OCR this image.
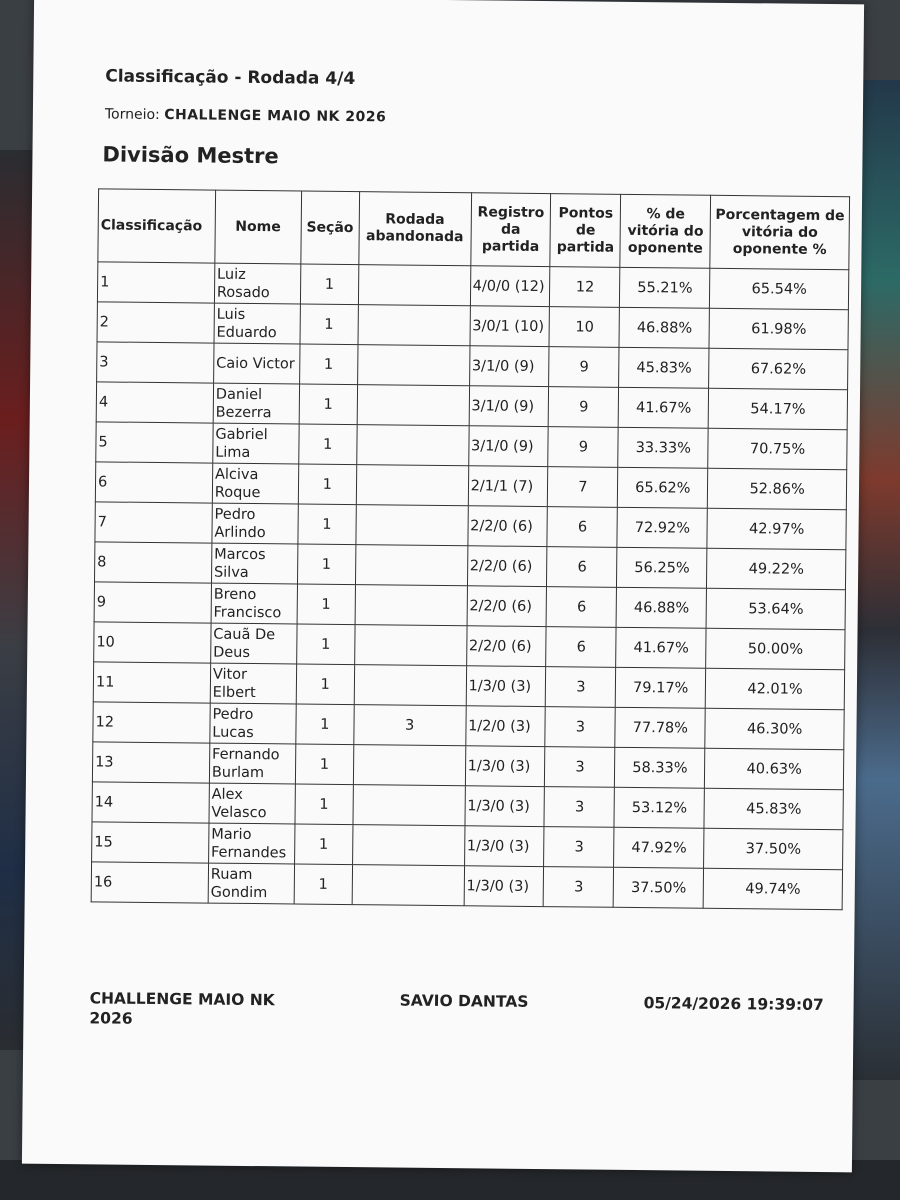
Classificação - Rodada 4/4
Torneio: CHALLENGE MAIO NK 2026
Divisão Mestre
Classificação	Nome	Seção	Rodada abandonada	Registro da partida	Pontos de partida	% de vitória do oponente	Porcentagem de vitória do oponente %
1	Luiz Rosado	1		4/0/0 (12)	12	55.21%	65.54%
2	Luis Eduardo	1		3/0/1 (10)	10	46.88%	61.98%
3	Caio Victor	1		3/1/0 (9)	9	45.83%	67.62%
4	Daniel Bezerra	1		3/1/0 (9)	9	41.67%	54.17%
5	Gabriel Lima	1		3/1/0 (9)	9	33.33%	70.75%
6	Alciva Roque	1		2/1/1 (7)	7	65.62%	52.86%
7	Pedro Arlindo	1		2/2/0 (6)	6	72.92%	42.97%
8	Marcos Silva	1		2/2/0 (6)	6	56.25%	49.22%
9	Breno Francisco	1		2/2/0 (6)	6	46.88%	53.64%
10	Cauã De Deus	1		2/2/0 (6)	6	41.67%	50.00%
11	Vitor Elbert	1		1/3/0 (3)	3	79.17%	42.01%
12	Pedro Lucas	1	3	1/2/0 (3)	3	77.78%	46.30%
13	Fernando Burlam	1		1/3/0 (3)	3	58.33%	40.63%
14	Alex Velasco	1		1/3/0 (3)	3	53.12%	45.83%
15	Mario Fernandes	1		1/3/0 (3)	3	47.92%	37.50%
16	Ruam Gondim	1		1/3/0 (3)	3	37.50%	49.74%
CHALLENGE MAIO NK 2026
SAVIO DANTAS	05/24/2026 19:39:07
